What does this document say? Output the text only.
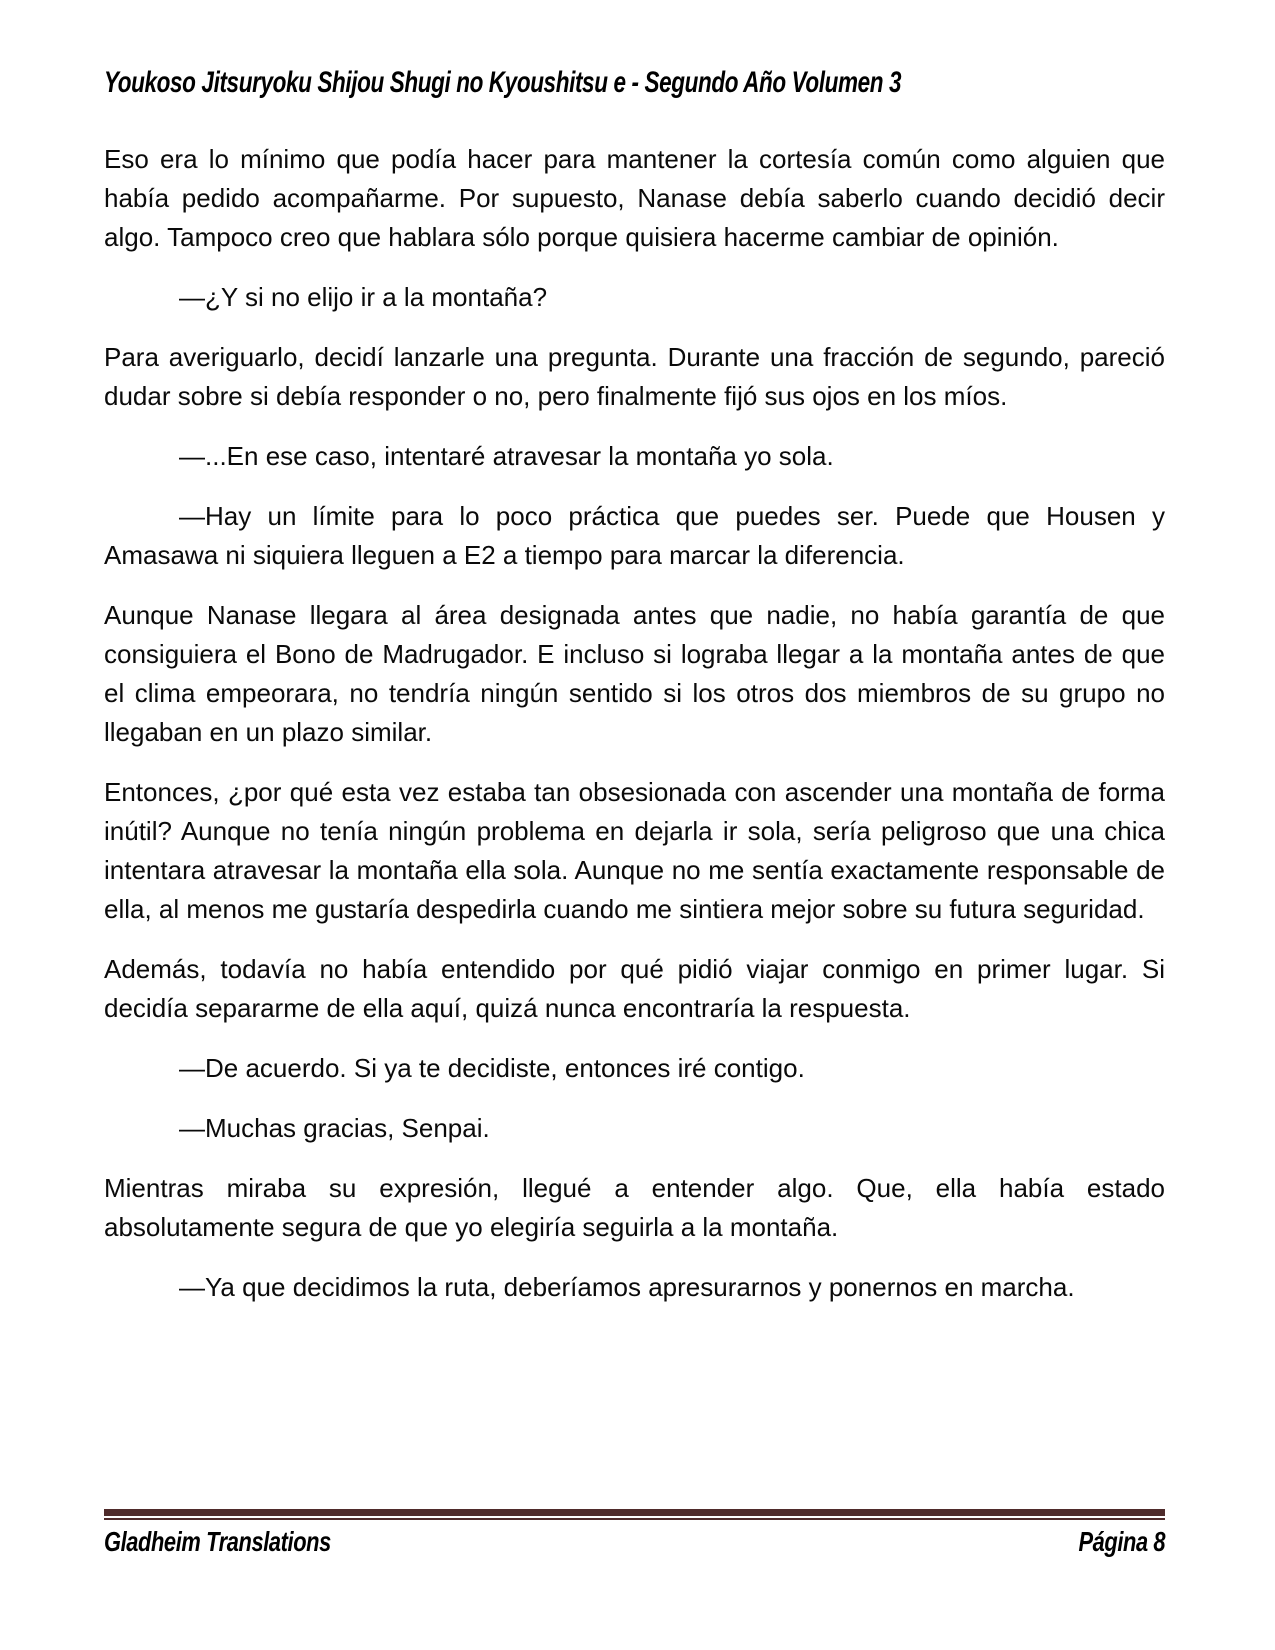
Youkoso Jitsuryoku Shijou Shugi no Kyoushitsu e - Segundo Año Volumen 3

Eso era lo mínimo que podía hacer para mantener la cortesía común como alguien que había pedido acompañarme. Por supuesto, Nanase debía saberlo cuando decidió decir algo. Tampoco creo que hablara sólo porque quisiera hacerme cambiar de opinión.

—¿Y si no elijo ir a la montaña?

Para averiguarlo, decidí lanzarle una pregunta. Durante una fracción de segundo, pareció dudar sobre si debía responder o no, pero finalmente fijó sus ojos en los míos.

—...En ese caso, intentaré atravesar la montaña yo sola.

—Hay un límite para lo poco práctica que puedes ser. Puede que Housen y Amasawa ni siquiera lleguen a E2 a tiempo para marcar la diferencia.

Aunque Nanase llegara al área designada antes que nadie, no había garantía de que consiguiera el Bono de Madrugador. E incluso si lograba llegar a la montaña antes de que el clima empeorara, no tendría ningún sentido si los otros dos miembros de su grupo no llegaban en un plazo similar.

Entonces, ¿por qué esta vez estaba tan obsesionada con ascender una montaña de forma inútil? Aunque no tenía ningún problema en dejarla ir sola, sería peligroso que una chica intentara atravesar la montaña ella sola. Aunque no me sentía exactamente responsable de ella, al menos me gustaría despedirla cuando me sintiera mejor sobre su futura seguridad.

Además, todavía no había entendido por qué pidió viajar conmigo en primer lugar. Si decidía separarme de ella aquí, quizá nunca encontraría la respuesta.

—De acuerdo. Si ya te decidiste, entonces iré contigo.

—Muchas gracias, Senpai.

Mientras miraba su expresión, llegué a entender algo. Que, ella había estado absolutamente segura de que yo elegiría seguirla a la montaña.

—Ya que decidimos la ruta, deberíamos apresurarnos y ponernos en marcha.

Gladheim Translations	Página 8
